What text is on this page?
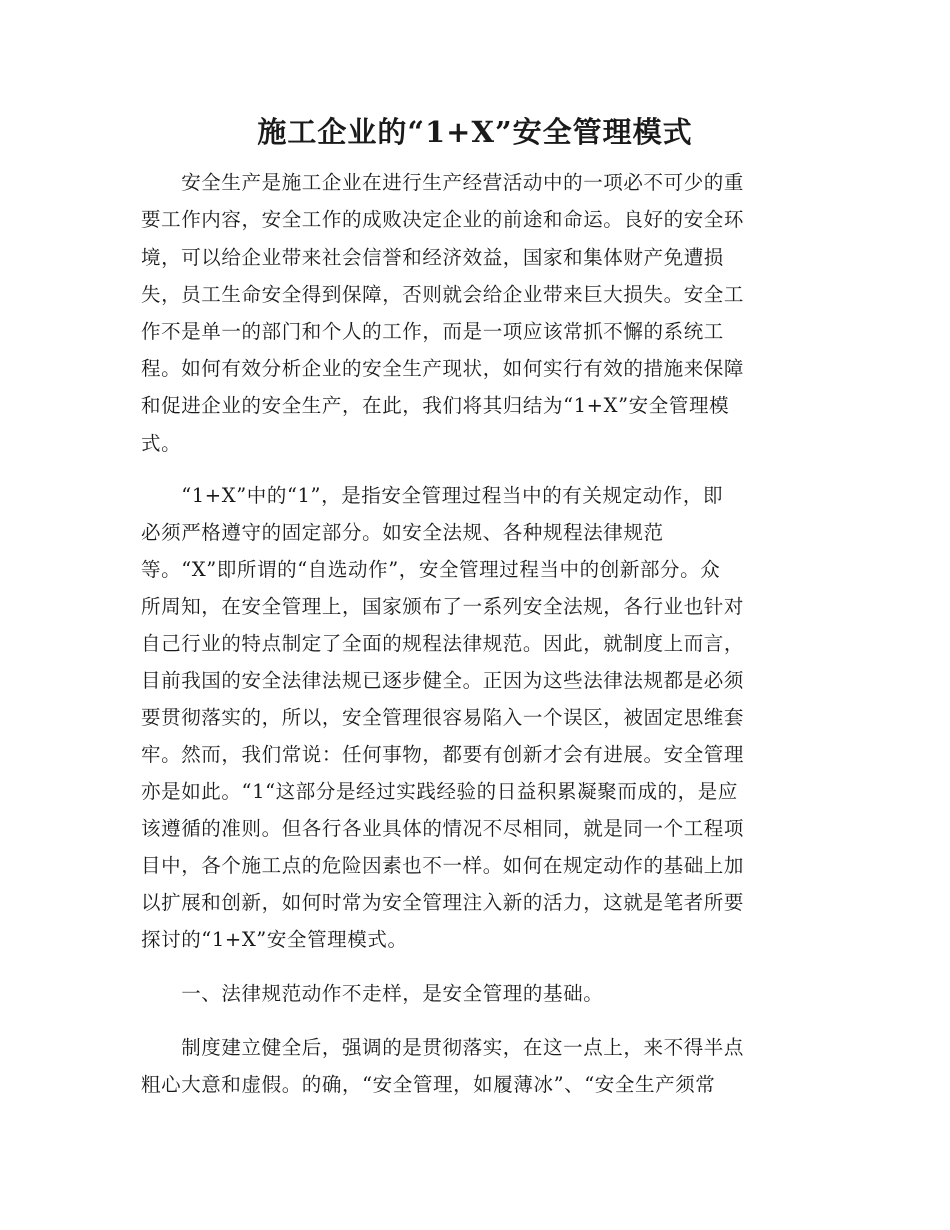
施工企业的“1+X”安全管理模式
　　安全生产是施工企业在进行生产经营活动中的一项必不可少的重
要工作内容，安全工作的成败决定企业的前途和命运。良好的安全环
境，可以给企业带来社会信誉和经济效益，国家和集体财产免遭损
失，员工生命安全得到保障，否则就会给企业带来巨大损失。安全工
作不是单一的部门和个人的工作，而是一项应该常抓不懈的系统工
程。如何有效分析企业的安全生产现状，如何实行有效的措施来保障
和促进企业的安全生产，在此，我们将其归结为“1+X”安全管理模
式。
　　“1+X”中的“1”，是指安全管理过程当中的有关规定动作，即
必须严格遵守的固定部分。如安全法规、各种规程法律规范
等。“X”即所谓的“自选动作”，安全管理过程当中的创新部分。众
所周知，在安全管理上，国家颁布了一系列安全法规，各行业也针对
自己行业的特点制定了全面的规程法律规范。因此，就制度上而言，
目前我国的安全法律法规已逐步健全。正因为这些法律法规都是必须
要贯彻落实的，所以，安全管理很容易陷入一个误区，被固定思维套
牢。然而，我们常说：任何事物，都要有创新才会有进展。安全管理
亦是如此。“1“这部分是经过实践经验的日益积累凝聚而成的，是应
该遵循的准则。但各行各业具体的情况不尽相同，就是同一个工程项
目中，各个施工点的危险因素也不一样。如何在规定动作的基础上加
以扩展和创新，如何时常为安全管理注入新的活力，这就是笔者所要
探讨的“1+X”安全管理模式。
　　一、法律规范动作不走样，是安全管理的基础。
　　制度建立健全后，强调的是贯彻落实，在这一点上，来不得半点
粗心大意和虚假。的确，“安全管理，如履薄冰”、“安全生产须常
